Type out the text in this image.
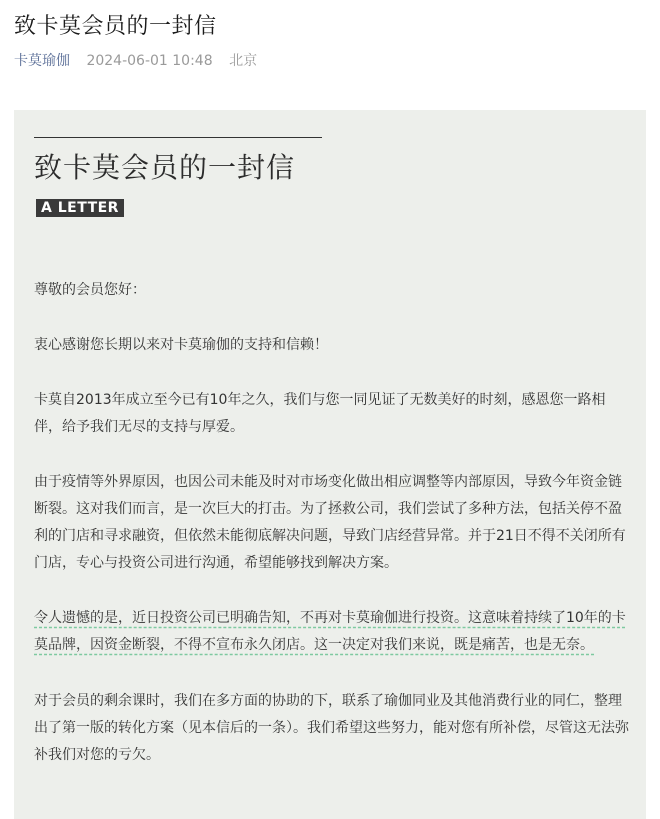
致卡莫会员的一封信
卡莫瑜伽 2024-06-01 10:48 北京
致卡莫会员的一封信
A LETTER

尊敬的会员您好：

衷心感谢您长期以来对卡莫瑜伽的支持和信赖！

卡莫自2013年成立至今已有10年之久，我们与您一同见证了无数美好的时刻，感恩您一路相伴，给予我们无尽的支持与厚爱。

由于疫情等外界原因，也因公司未能及时对市场变化做出相应调整等内部原因，导致今年资金链断裂。这对我们而言，是一次巨大的打击。为了拯救公司，我们尝试了多种方法，包括关停不盈利的门店和寻求融资，但依然未能彻底解决问题，导致门店经营异常。并于21日不得不关闭所有门店，专心与投资公司进行沟通，希望能够找到解决方案。

令人遗憾的是，近日投资公司已明确告知，不再对卡莫瑜伽进行投资。这意味着持续了10年的卡莫品牌，因资金断裂，不得不宣布永久闭店。这一决定对我们来说，既是痛苦，也是无奈。

对于会员的剩余课时，我们在多方面的协助的下，联系了瑜伽同业及其他消费行业的同仁，整理出了第一版的转化方案（见本信后的一条）。我们希望这些努力，能对您有所补偿，尽管这无法弥补我们对您的亏欠。
